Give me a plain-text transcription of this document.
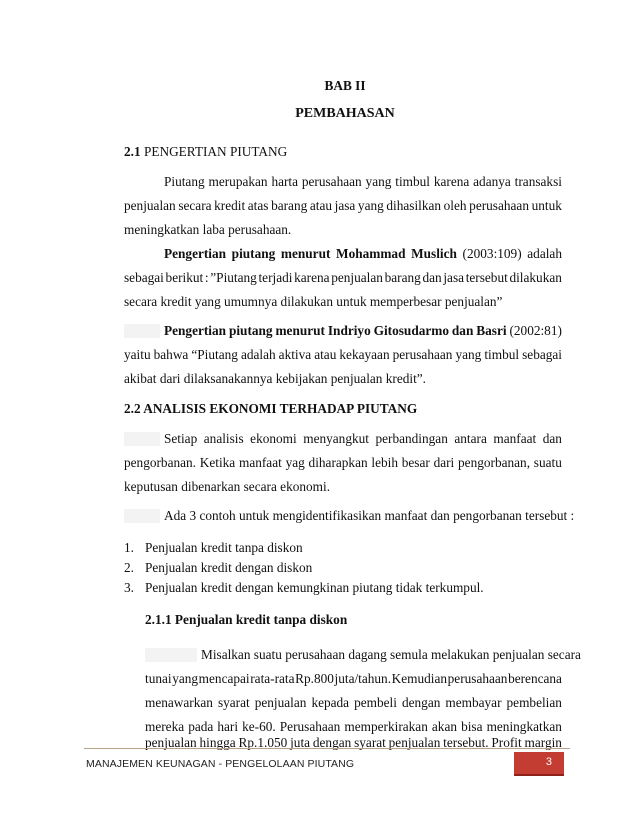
BAB II
PEMBAHASAN
2.1 PENGERTIAN PIUTANG
Piutang merupakan harta perusahaan yang timbul karena adanya transaksi
penjualan secara kredit atas barang atau jasa yang dihasilkan oleh perusahaan untuk
meningkatkan laba perusahaan.
Pengertian piutang menurut Mohammad Muslich (2003:109) adalah
sebagai berikut : ”Piutang terjadi karena penjualan barang dan jasa tersebut dilakukan
secara kredit yang umumnya dilakukan untuk memperbesar penjualan”
Pengertian piutang menurut Indriyo Gitosudarmo dan Basri (2002:81)
yaitu bahwa “Piutang adalah aktiva atau kekayaan perusahaan yang timbul sebagai
akibat dari dilaksanakannya kebijakan penjualan kredit”.
2.2 ANALISIS EKONOMI TERHADAP PIUTANG
Setiap analisis ekonomi menyangkut perbandingan antara manfaat dan
pengorbanan. Ketika manfaat yag diharapkan lebih besar dari pengorbanan, suatu
keputusan dibenarkan secara ekonomi.
Ada 3 contoh untuk mengidentifikasikan manfaat dan pengorbanan tersebut :
1. Penjualan kredit tanpa diskon
2. Penjualan kredit dengan diskon
3. Penjualan kredit dengan kemungkinan piutang tidak terkumpul.
2.1.1 Penjualan kredit tanpa diskon
Misalkan suatu perusahaan dagang semula melakukan penjualan secara
tunai yang mencapai rata-rata Rp.800 juta/tahun. Kemudian perusahaan berencana
menawarkan syarat penjualan kepada pembeli dengan membayar pembelian
mereka pada hari ke-60. Perusahaan memperkirakan akan bisa meningkatkan
penjualan hingga Rp.1.050 juta dengan syarat penjualan tersebut. Profit margin
MANAJEMEN KEUNAGAN - PENGELOLAAN PIUTANG	3
